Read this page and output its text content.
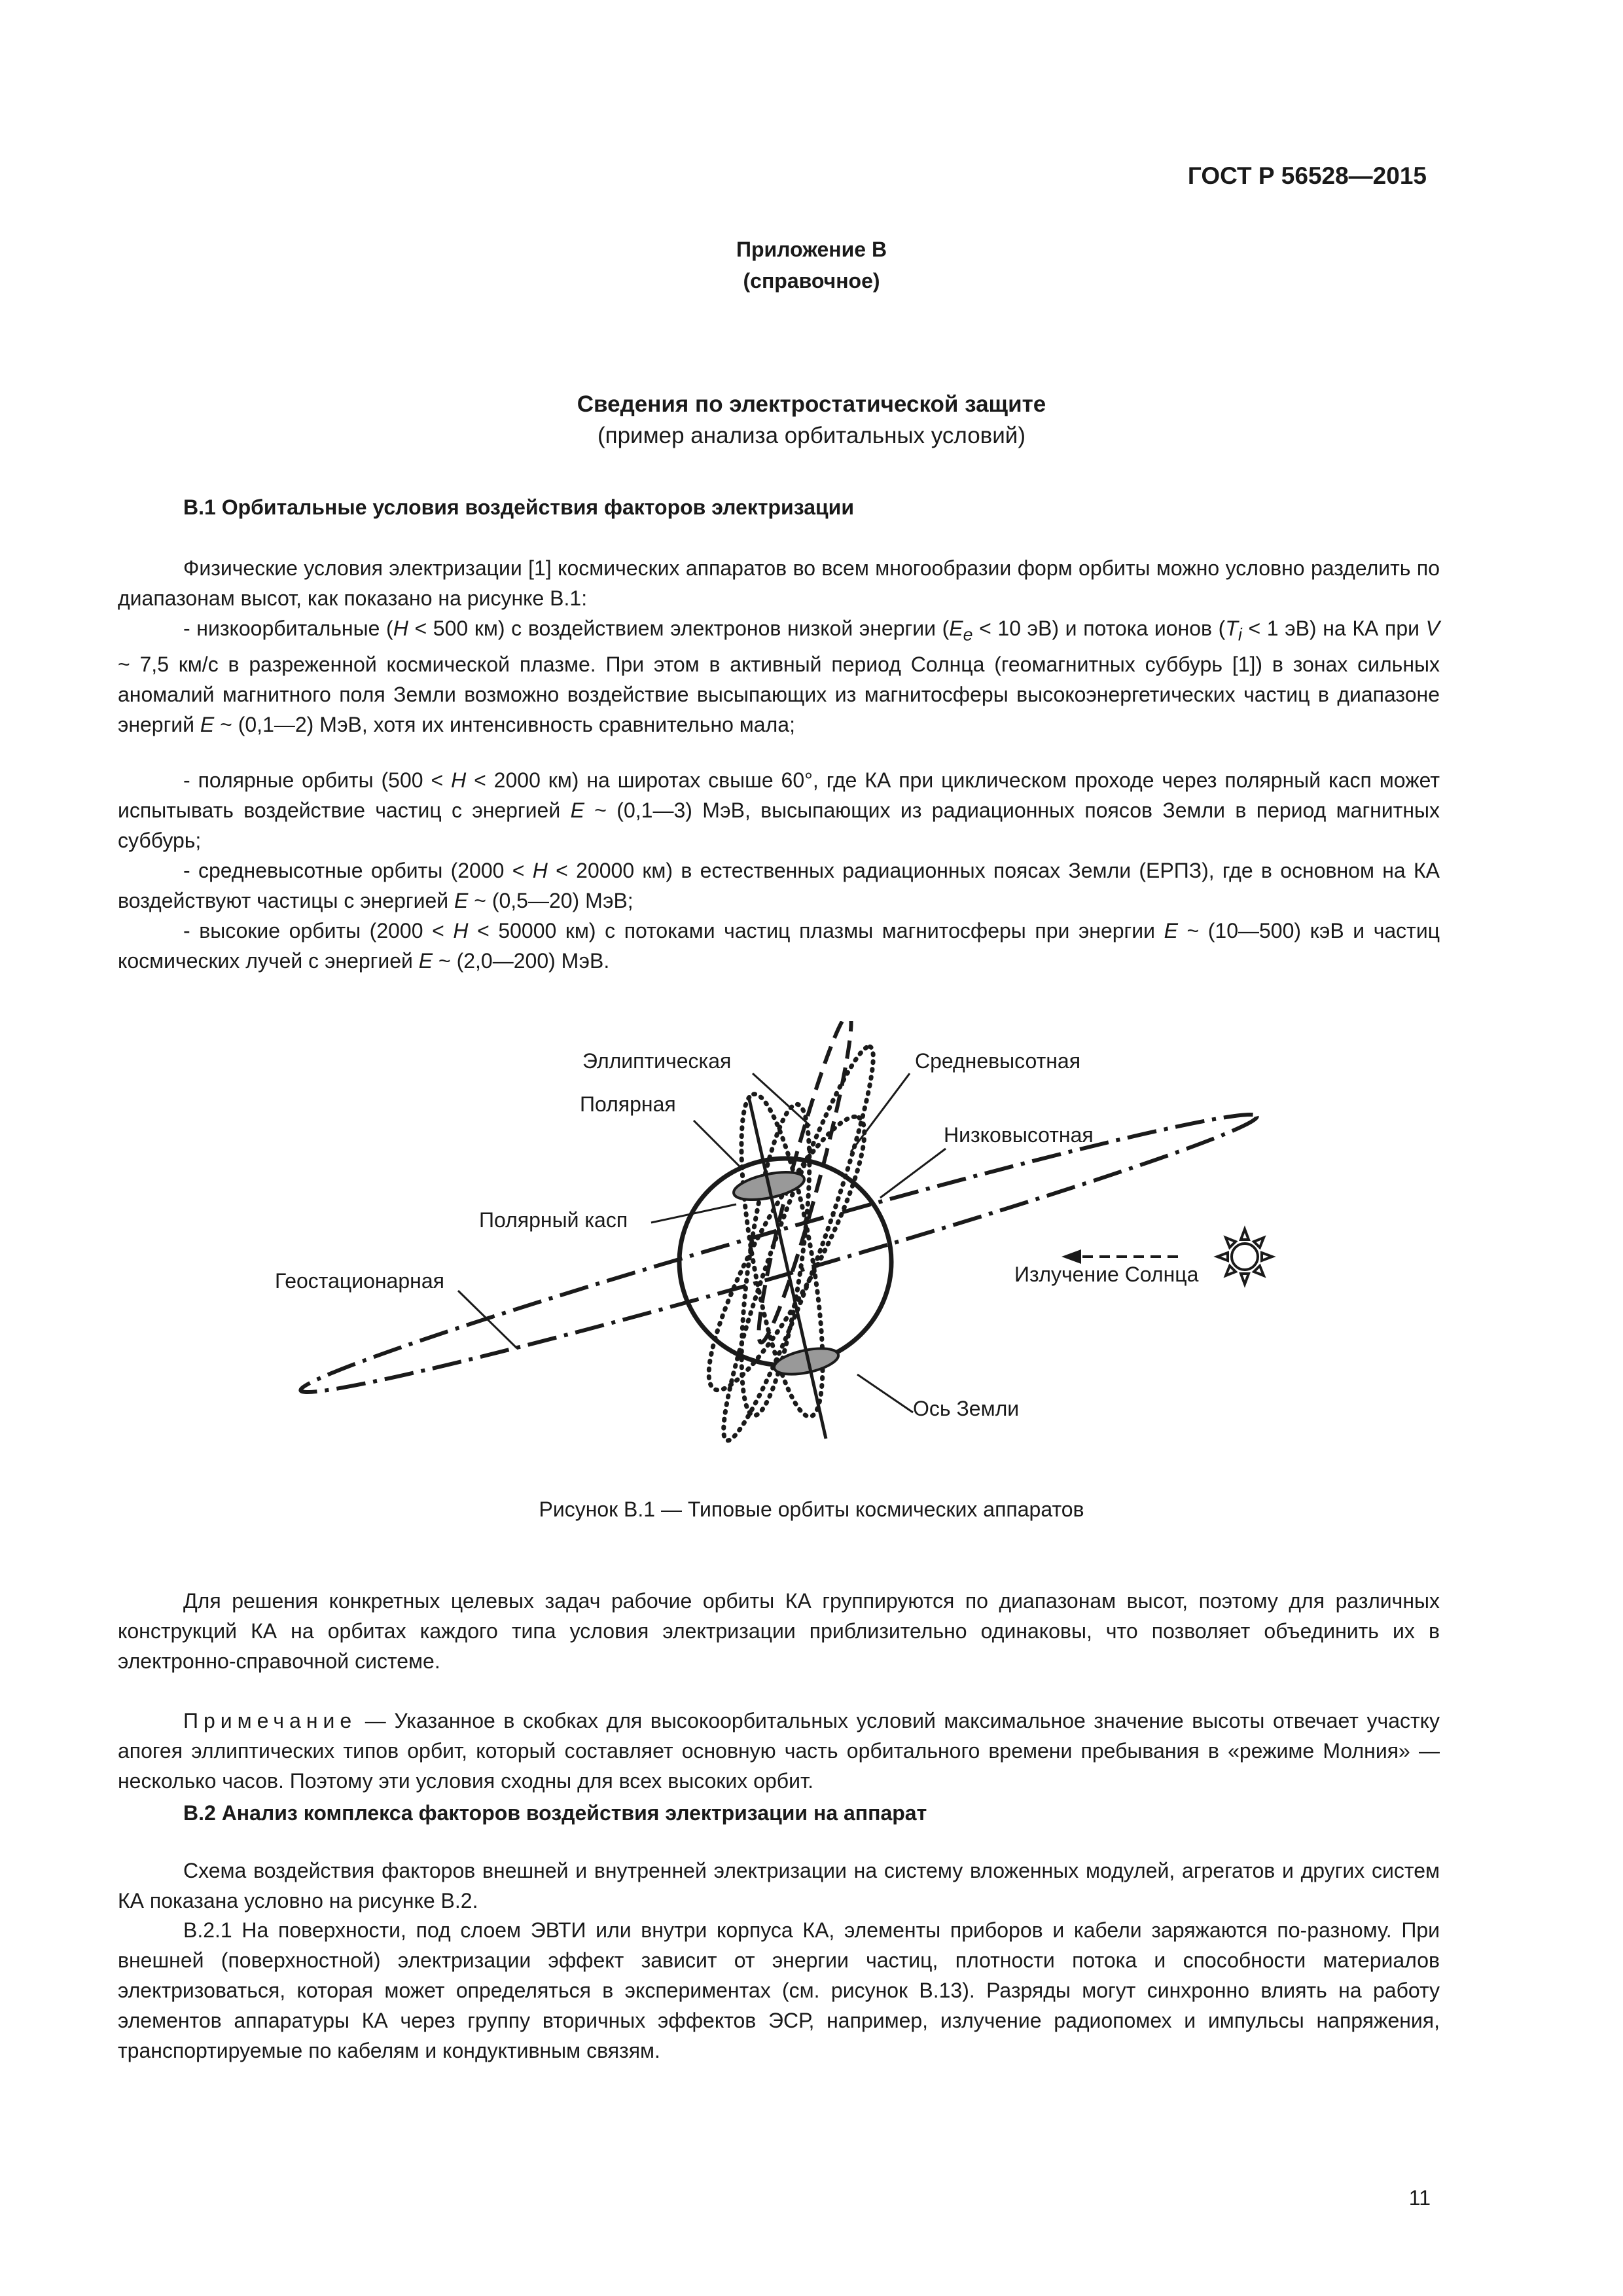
ГОСТ Р 56528—2015
Приложение В
(справочное)
Сведения по электростатической защите
(пример анализа орбитальных условий)
В.1 Орбитальные условия воздействия факторов электризации

Физические условия электризации [1] космических аппаратов во всем многообразии форм орбиты можно условно разделить по диапазонам высот, как показано на рисунке В.1:

- низкоорбитальные (H < 500 км) с воздействием электронов низкой энергии ($E_e < 10$ эВ) и потока ионов ($T_i < 1$ эВ) на КА при V ~ 7,5 км/с в разреженной космической плазме. При этом в активный период Солнца (геомагнитных суббурь [1]) в зонах сильных аномалий магнитного поля Земли возможно воздействие высыпающих из магнитосферы высокоэнергетических частиц в диапазоне энергий E ~ (0,1—2) МэВ, хотя их интенсивность сравнительно мала;

- полярные орбиты (500 < H < 2000 км) на широтах свыше 60°, где КА при циклическом проходе через полярный касп может испытывать воздействие частиц с энергией E ~ (0,1—3) МэВ, высыпающих из радиационных поясов Земли в период магнитных суббурь;

- средневысотные орбиты (2000 < H < 20000 км) в естественных радиационных поясах Земли (ЕРПЗ), где в основном на КА воздействуют частицы с энергией E ~ (0,5—20) МэВ;

- высокие орбиты (2000 < H < 50000 км) с потоками частиц плазмы магнитосферы при энергии E ~ (10—500) кэВ и частиц космических лучей с энергией E ~ (2,0—200) МэВ.

Эллиптическая	Средневысотная
Полярная
Низковысотная
Полярный касп
Геостационарная	Излучение Солнца
Ось Земли
Рисунок В.1 — Типовые орбиты космических аппаратов

Для решения конкретных целевых задач рабочие орбиты КА группируются по диапазонам высот, поэтому для различных конструкций КА на орбитах каждого типа условия электризации приблизительно одинаковы, что позволяет объединить их в электронно-справочной системе.

Примечание — Указанное в скобках для высокоорбитальных условий максимальное значение высоты отвечает участку апогея эллиптических типов орбит, который составляет основную часть орбитального времени пребывания в «режиме Молния» — несколько часов. Поэтому эти условия сходны для всех высоких орбит.

В.2 Анализ комплекса факторов воздействия электризации на аппарат

Схема воздействия факторов внешней и внутренней электризации на систему вложенных модулей, агрегатов и других систем КА показана условно на рисунке В.2.

В.2.1 На поверхности, под слоем ЭВТИ или внутри корпуса КА, элементы приборов и кабели заряжаются по-разному. При внешней (поверхностной) электризации эффект зависит от энергии частиц, плотности потока и способности материалов электризоваться, которая может определяться в экспериментах (см. рисунок В.13). Разряды могут синхронно влиять на работу элементов аппаратуры КА через группу вторичных эффектов ЭСР, например, излучение радиопомех и импульсы напряжения, транспортируемые по кабелям и кондуктивным связям.

11
